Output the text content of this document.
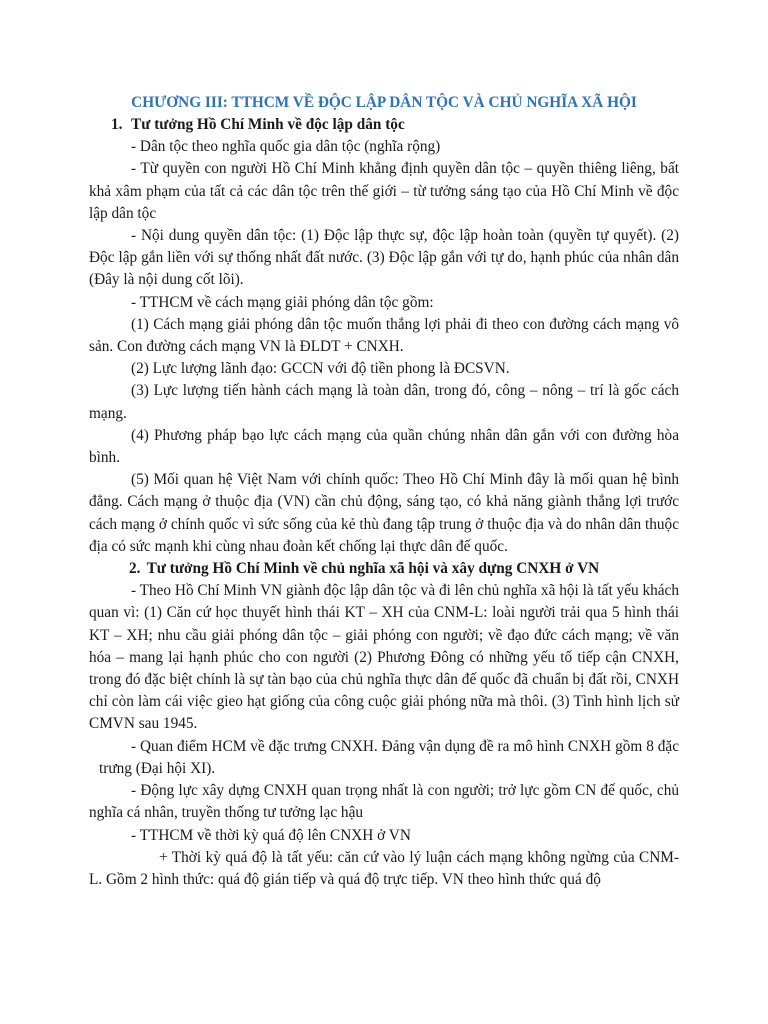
CHƯƠNG III: TTHCM VỀ ĐỘC LẬP DÂN TỘC VÀ CHỦ NGHĨA XÃ HỘI
1. Tư tưởng Hồ Chí Minh về độc lập dân tộc

- Dân tộc theo nghĩa quốc gia dân tộc (nghĩa rộng)

- Từ quyền con người Hồ Chí Minh khẳng định quyền dân tộc – quyền thiêng liêng, bất khả xâm phạm của tất cả các dân tộc trên thế giới – từ tưởng sáng tạo của Hồ Chí Minh về độc lập dân tộc

- Nội dung quyền dân tộc: (1) Độc lập thực sự, độc lập hoàn toàn (quyền tự quyết). (2) Độc lập gắn liền với sự thống nhất đất nước. (3) Độc lập gắn với tự do, hạnh phúc của nhân dân (Đây là nội dung cốt lõi).

- TTHCM về cách mạng giải phóng dân tộc gồm:

(1) Cách mạng giải phóng dân tộc muốn thắng lợi phải đi theo con đường cách mạng vô sản. Con đường cách mạng VN là ĐLDT + CNXH.

(2) Lực lượng lãnh đạo: GCCN với độ tiền phong là ĐCSVN.

(3) Lực lượng tiến hành cách mạng là toàn dân, trong đó, công – nông – trí là gốc cách mạng.

(4) Phương pháp bạo lực cách mạng của quần chúng nhân dân gắn với con đường hòa bình.

(5) Mối quan hệ Việt Nam với chính quốc: Theo Hồ Chí Minh đây là mối quan hệ bình đẳng. Cách mạng ở thuộc địa (VN) cần chủ động, sáng tạo, có khả năng giành thắng lợi trước cách mạng ở chính quốc vì sức sống của kẻ thù đang tập trung ở thuộc địa và do nhân dân thuộc địa có sức mạnh khi cùng nhau đoàn kết chống lại thực dân đế quốc.

2. Tư tưởng Hồ Chí Minh về chủ nghĩa xã hội và xây dựng CNXH ở VN

- Theo Hồ Chí Minh VN giành độc lập dân tộc và đi lên chủ nghĩa xã hội là tất yếu khách quan vì: (1) Căn cứ học thuyết hình thái KT – XH của CNM-L: loài người trải qua 5 hình thái KT – XH; nhu cầu giải phóng dân tộc – giải phóng con người; về đạo đức cách mạng; về văn hóa – mang lại hạnh phúc cho con người (2) Phương Đông có những yếu tố tiếp cận CNXH, trong đó đặc biệt chính là sự tàn bạo của chủ nghĩa thực dân đế quốc đã chuẩn bị đất rồi, CNXH chỉ còn làm cái việc gieo hạt giống của công cuộc giải phóng nữa mà thôi. (3) Tình hình lịch sử CMVN sau 1945.

- Quan điểm HCM về đặc trưng CNXH. Đảng vận dụng đề ra mô hình CNXH gồm 8 đặc trưng (Đại hội XI).

- Động lực xây dựng CNXH quan trọng nhất là con người; trở lực gồm CN đế quốc, chủ nghĩa cá nhân, truyền thống tư tưởng lạc hậu

- TTHCM về thời kỳ quá độ lên CNXH ở VN

+ Thời kỳ quá độ là tất yếu: căn cứ vào lý luận cách mạng không ngừng của CNM-L. Gồm 2 hình thức: quá độ gián tiếp và quá độ trực tiếp. VN theo hình thức quá độ
